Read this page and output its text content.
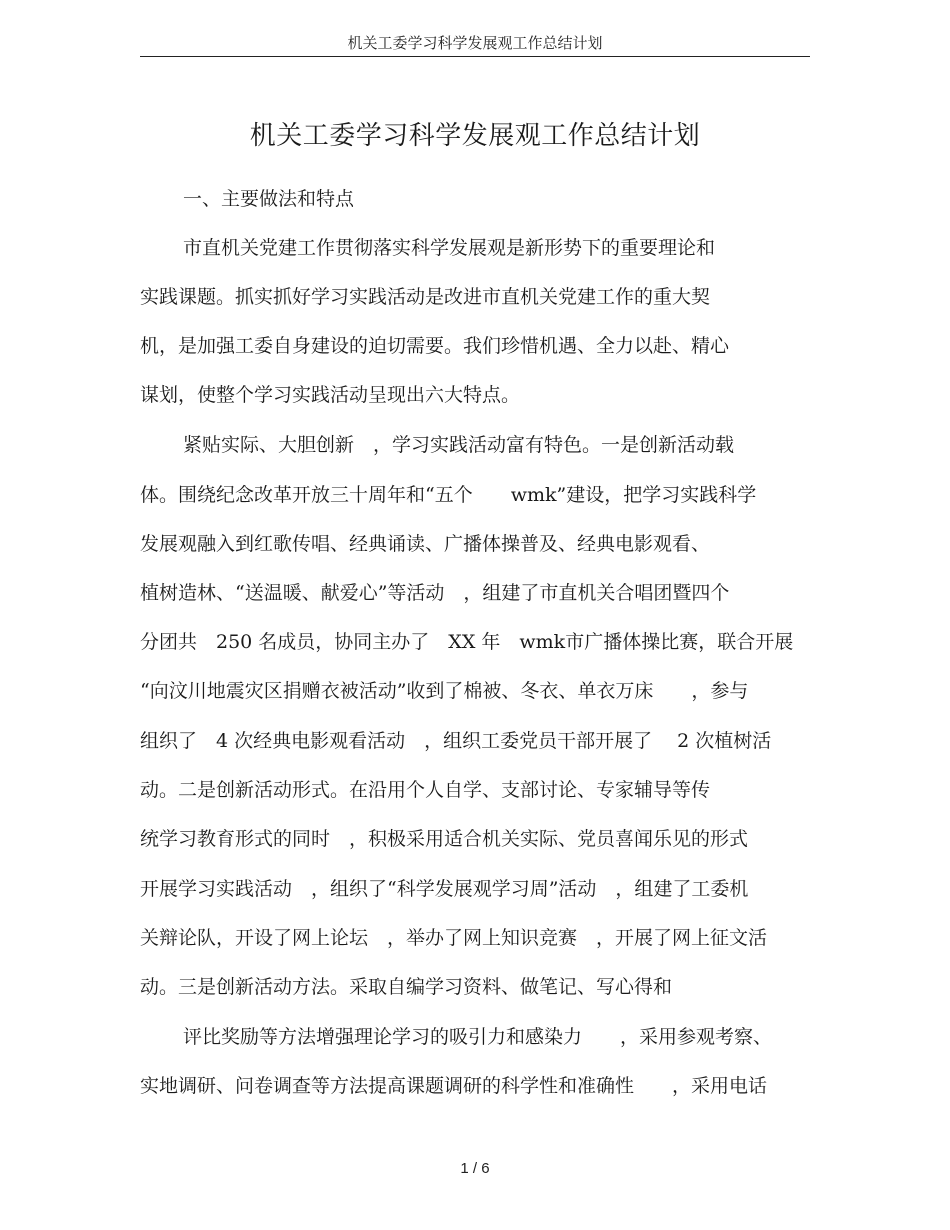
机关工委学习科学发展观工作总结计划
机关工委学习科学发展观工作总结计划
一、主要做法和特点
市直机关党建工作贯彻落实科学发展观是新形势下的重要理论和
实践课题。抓实抓好学习实践活动是改进市直机关党建工作的重大契
机，是加强工委自身建设的迫切需要。我们珍惜机遇、全力以赴、精心
谋划，使整个学习实践活动呈现出六大特点。
紧贴实际、大胆创新　，学习实践活动富有特色。一是创新活动载
体。围绕纪念改革开放三十周年和“五个　　wmk”建设，把学习实践科学
发展观融入到红歌传唱、经典诵读、广播体操普及、经典电影观看、
植树造林、“送温暖、献爱心”等活动　，组建了市直机关合唱团暨四个
分团共　250 名成员，协同主办了　XX 年　wmk市广播体操比赛，联合开展
“向汶川地震灾区捐赠衣被活动”收到了棉被、冬衣、单衣万床　　，参与
组织了　4 次经典电影观看活动　，组织工委党员干部开展了　 2 次植树活
动。二是创新活动形式。在沿用个人自学、支部讨论、专家辅导等传
统学习教育形式的同时　，积极采用适合机关实际、党员喜闻乐见的形式
开展学习实践活动　，组织了“科学发展观学习周”活动　，组建了工委机
关辩论队，开设了网上论坛　，举办了网上知识竞赛　，开展了网上征文活
动。三是创新活动方法。采取自编学习资料、做笔记、写心得和
评比奖励等方法增强理论学习的吸引力和感染力　　，采用参观考察、
实地调研、问卷调查等方法提高课题调研的科学性和准确性　　，采用电话
1 / 6
